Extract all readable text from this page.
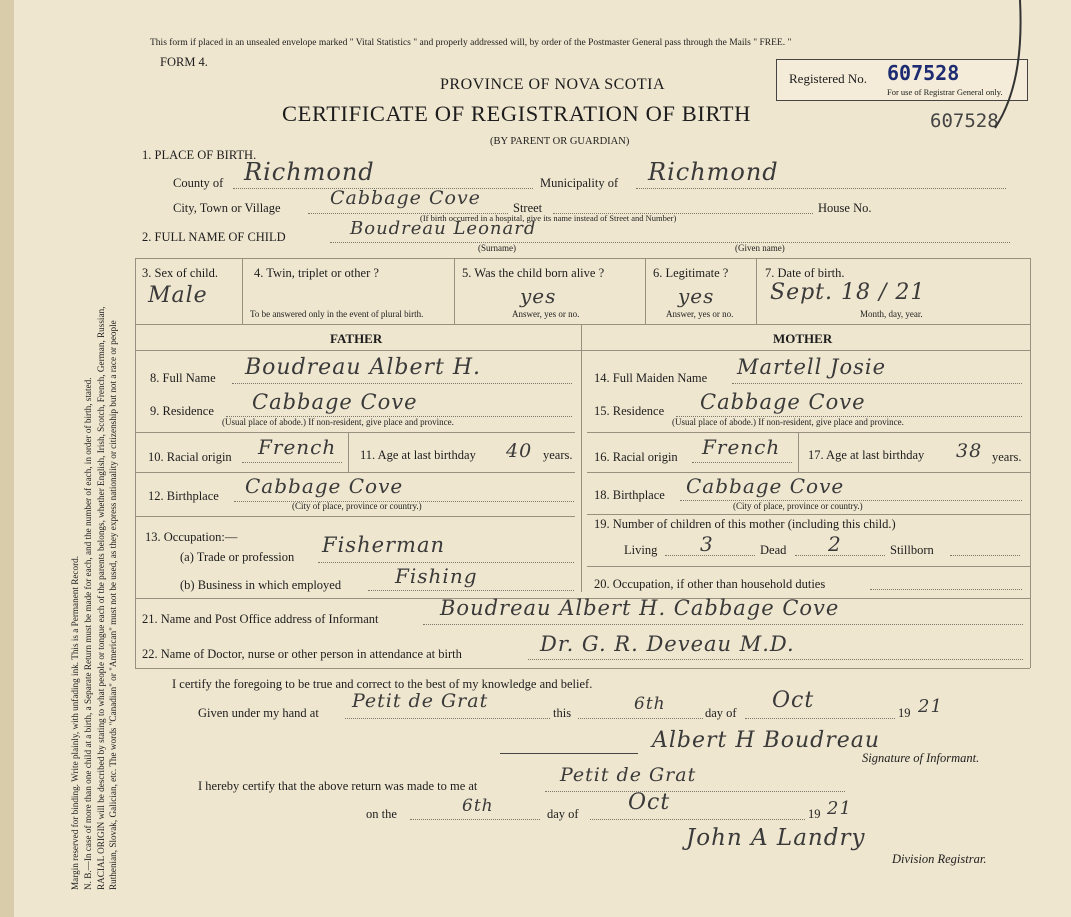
Margin reserved for binding. Write plainly, with unfading ink. This is a Permanent Record. N. B.—In case of more than one child at a birth, a Separate Return must be made for each, and the number of each, in order of birth, stated. RACIAL ORIGIN will be described by stating to what people or tongue each of the parents belongs, whether English, Irish, Scotch, French, German, Russian, Ruthenian, Slovak, Galician, etc. The words "Canadian" or "American" must not be used, as they express nationality or citizenship but not a race or people
This form if placed in an unsealed envelope marked " Vital Statistics " and properly addressed will, by order of the Postmaster General pass through the Mails " FREE. "
FORM 4.
PROVINCE OF NOVA SCOTIA
CERTIFICATE OF REGISTRATION OF BIRTH
(BY PARENT OR GUARDIAN)
Registered No. 607528
For use of Registrar General only.
607528
1. PLACE OF BIRTH.
County of Richmond	Municipality of Richmond
City, Town or Village	Cabbage Cove	Street	House No.
(If birth occurred in a hospital, give its name instead of Street and Number)
2. FULL NAME OF CHILD	Boudreau Leonard
(Surname)	(Given name)
3. Sex of child.
Male
4. Twin, triplet or other ?
To be answered only in the event of plural birth.
5. Was the child born alive ?
yes
Answer, yes or no.
6. Legitimate ?
yes
Answer, yes or no.
7. Date of birth.
Sept. 18 / 21
Month, day, year.
FATHER	MOTHER
8. Full Name Boudreau Albert H.
9. Residence Cabbage Cove
(Usual place of abode.) If non-resident, give place and province.
10. Racial origin French 11. Age at last birthday 40 years.
12. Birthplace Cabbage Cove
(City of place, province or country.)
13. Occupation:—
(a) Trade or profession Fisherman
(b) Business in which employed	Fishing
14. Full Maiden Name Martell Josie
15. Residence Cabbage Cove
(Usual place of abode.) If non-resident, give place and province.
16. Racial origin French 17. Age at last birthday 38 years.
18. Birthplace Cabbage Cove
(City of place, province or country.)
19. Number of children of this mother (including this child.)
Living 3	Dead 2	Stillborn
20. Occupation, if other than household duties
21. Name and Post Office address of Informant	Boudreau Albert H. Cabbage Cove
22. Name of Doctor, nurse or other person in attendance at birth	Dr. G. R. Deveau M.D.
I certify the foregoing to be true and correct to the best of my knowledge and belief.
Given under my hand at
Petit de Grat
this	6th	day of Oct	19 21
Albert H Boudreau
Signature of Informant.
I hereby certify that the above return was made to me at	Petit de Grat
on the	6th	day of Oct	19 21
John A Landry
Division Registrar.
